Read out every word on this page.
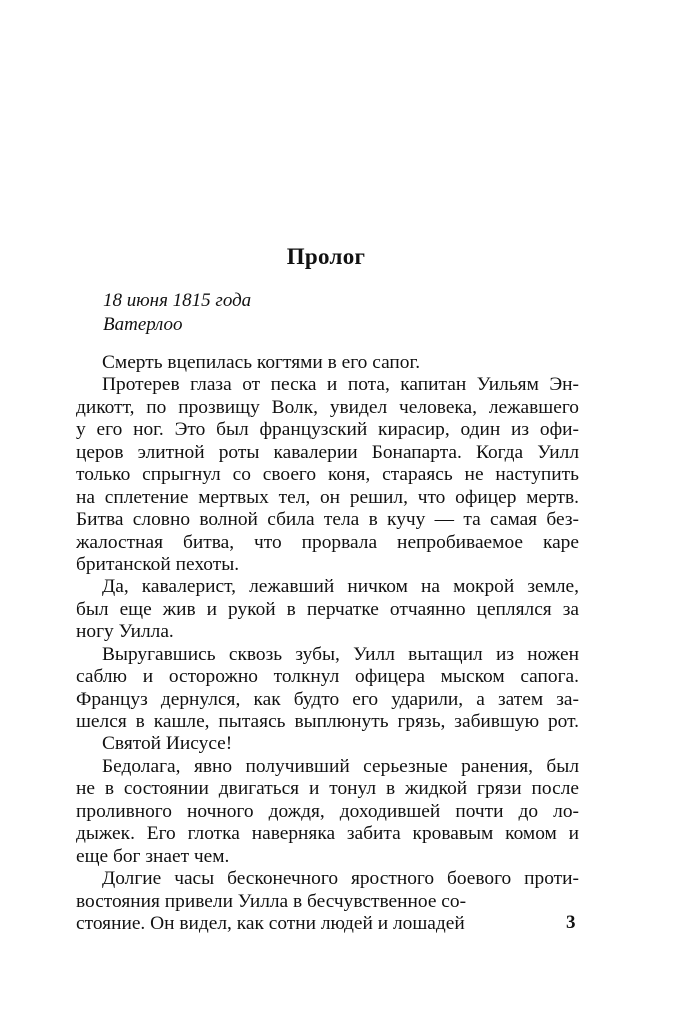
Пролог
18 июня 1815 года
Ватерлоо
Смерть вцепилась когтями в его сапог.
Протерев глаза от песка и пота, капитан Уильям Эн-
дикотт, по прозвищу Волк, увидел человека, лежавшего
у его ног. Это был французский кирасир, один из офи-
церов элитной роты кавалерии Бонапарта. Когда Уилл
только спрыгнул со своего коня, стараясь не наступить
на сплетение мертвых тел, он решил, что офицер мертв.
Битва словно волной сбила тела в кучу — та самая без-
жалостная битва, что прорвала непробиваемое каре
британской пехоты.
Да, кавалерист, лежавший ничком на мокрой земле,
был еще жив и рукой в перчатке отчаянно цеплялся за
ногу Уилла.
Выругавшись сквозь зубы, Уилл вытащил из ножен
саблю и осторожно толкнул офицера мыском сапога.
Француз дернулся, как будто его ударили, а затем за-
шелся в кашле, пытаясь выплюнуть грязь, забившую рот.
Святой Иисусе!
Бедолага, явно получивший серьезные ранения, был
не в состоянии двигаться и тонул в жидкой грязи после
проливного ночного дождя, доходившей почти до ло-
дыжек. Его глотка наверняка забита кровавым комом и
еще бог знает чем.
Долгие часы бесконечного яростного боевого проти-
востояния привели Уилла в бесчувственное со-
стояние. Он видел, как сотни людей и лошадей	3
